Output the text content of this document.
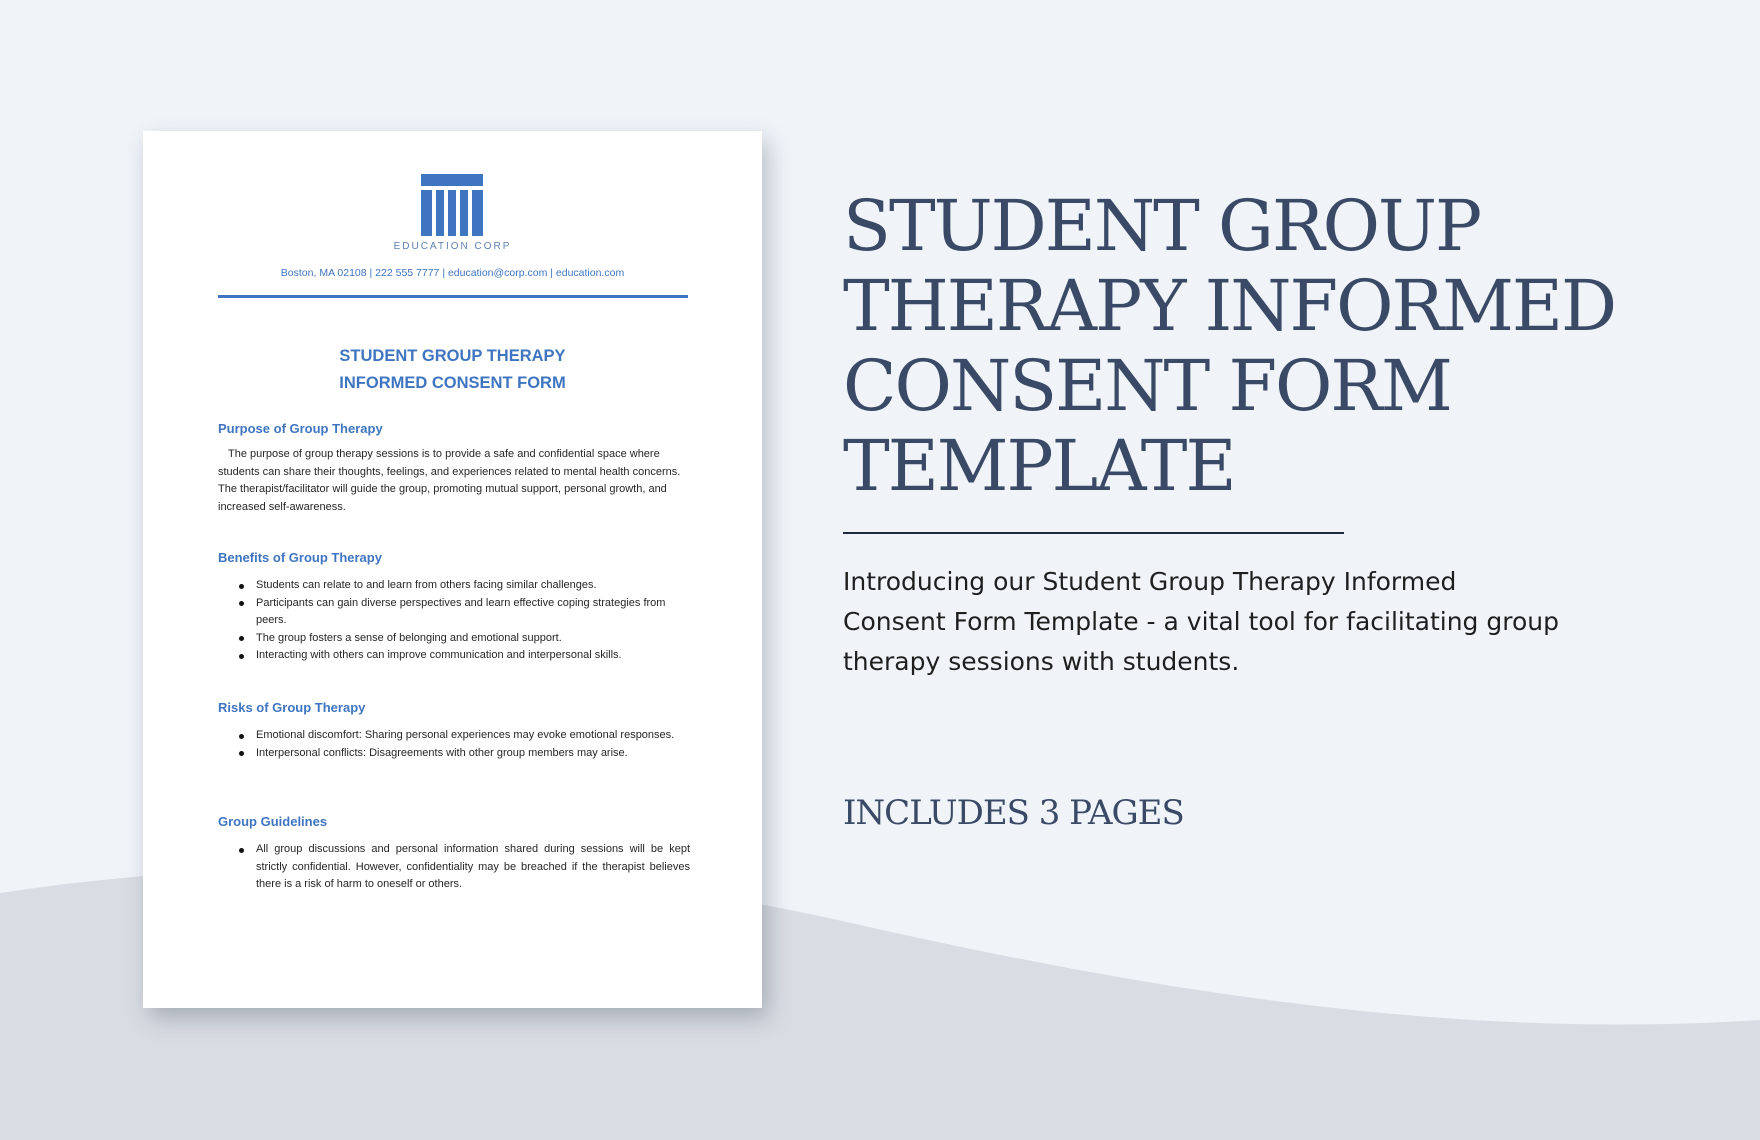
EDUCATION CORP
Boston, MA 02108 | 222 555 7777 | education@corp.com | education.com
STUDENT GROUP THERAPY
INFORMED CONSENT FORM
Purpose of Group Therapy

The purpose of group therapy sessions is to provide a safe and confidential space where students can share their thoughts, feelings, and experiences related to mental health concerns. The therapist/facilitator will guide the group, promoting mutual support, personal growth, and increased self-awareness.

Benefits of Group Therapy
Students can relate to and learn from others facing similar challenges.
Participants can gain diverse perspectives and learn effective coping strategies from peers.
The group fosters a sense of belonging and emotional support.
Interacting with others can improve communication and interpersonal skills.
Risks of Group Therapy
Emotional discomfort: Sharing personal experiences may evoke emotional responses.
Interpersonal conflicts: Disagreements with other group members may arise.
Group Guidelines
All group discussions and personal information shared during sessions will be kept strictly confidential. However, confidentiality may be breached if the therapist believes there is a risk of harm to oneself or others.
STUDENT GROUP
THERAPY INFORMED
CONSENT FORM
TEMPLATE

Introducing our Student Group Therapy Informed Consent Form Template - a vital tool for facilitating group therapy sessions with students.

INCLUDES 3 PAGES
